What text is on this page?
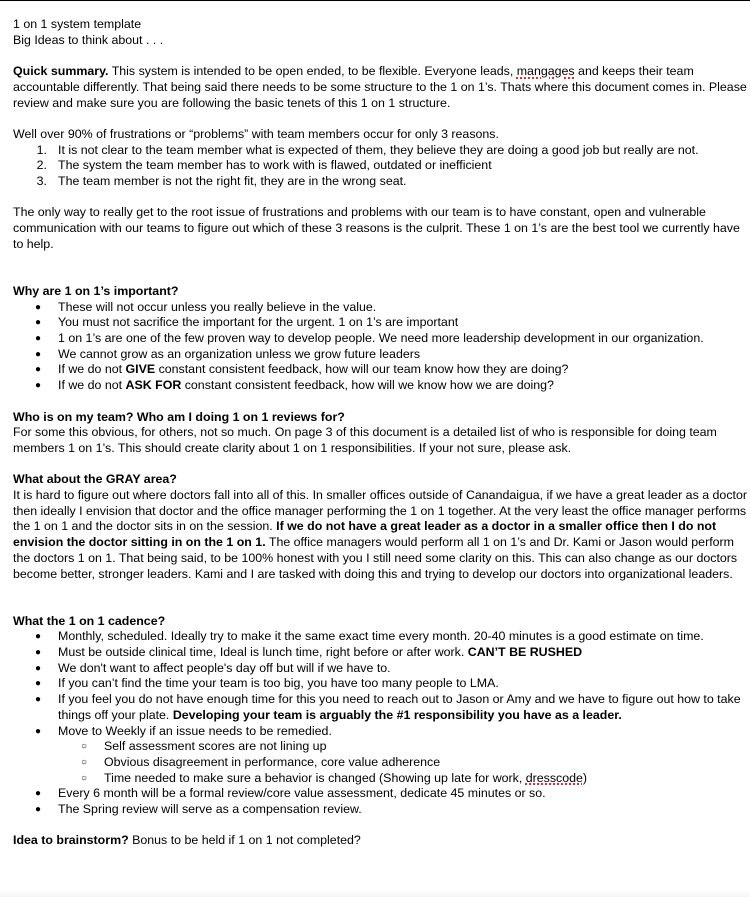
1 on 1 system template

Big Ideas to think about . . .

Quick summary. This system is intended to be open ended, to be flexible. Everyone leads, mangages and keeps their team accountable differently. That being said there needs to be some structure to the 1 on 1’s. Thats where this document comes in. Please review and make sure you are following the basic tenets of this 1 on 1 structure.

Well over 90% of frustrations or “problems” with team members occur for only 3 reasons.

1. It is not clear to the team member what is expected of them, they believe they are doing a good job but really are not.
2. The system the team member has to work with is flawed, outdated or inefficient
3. The team member is not the right fit, they are in the wrong seat.

The only way to really get to the root issue of frustrations and problems with our team is to have constant, open and vulnerable communication with our teams to figure out which of these 3 reasons is the culprit. These 1 on 1’s are the best tool we currently have to help.

Why are 1 on 1’s important?

● These will not occur unless you really believe in the value.
● You must not sacrifice the important for the urgent. 1 on 1’s are important
● 1 on 1’s are one of the few proven way to develop people. We need more leadership development in our organization.
● We cannot grow as an organization unless we grow future leaders
● If we do not GIVE constant consistent feedback, how will our team know how they are doing?
● If we do not ASK FOR constant consistent feedback, how will we know how we are doing?

Who is on my team? Who am I doing 1 on 1 reviews for?

For some this obvious, for others, not so much. On page 3 of this document is a detailed list of who is responsible for doing team members 1 on 1’s. This should create clarity about 1 on 1 responsibilities. If your not sure, please ask.

What about the GRAY area?

It is hard to figure out where doctors fall into all of this. In smaller offices outside of Canandaigua, if we have a great leader as a doctor then ideally I envision that doctor and the office manager performing the 1 on 1 together. At the very least the office manager performs the 1 on 1 and the doctor sits in on the session. If we do not have a great leader as a doctor in a smaller office then I do not envision the doctor sitting in on the 1 on 1. The office managers would perform all 1 on 1’s and Dr. Kami or Jason would perform the doctors 1 on 1. That being said, to be 100% honest with you I still need some clarity on this. This can also change as our doctors become better, stronger leaders. Kami and I are tasked with doing this and trying to develop our doctors into organizational leaders.

What the 1 on 1 cadence?

● Monthly, scheduled. Ideally try to make it the same exact time every month. 20-40 minutes is a good estimate on time.
● Must be outside clinical time, Ideal is lunch time, right before or after work. CAN’T BE RUSHED
● We don't want to affect people's day off but will if we have to.
● If you can’t find the time your team is too big, you have too many people to LMA.
● If you feel you do not have enough time for this you need to reach out to Jason or Amy and we have to figure out how to take things off your plate. Developing your team is arguably the #1 responsibility you have as a leader.
● Move to Weekly if an issue needs to be remedied.
○ Self assessment scores are not lining up
○ Obvious disagreement in performance, core value adherence
○ Time needed to make sure a behavior is changed (Showing up late for work, dresscode)
● Every 6 month will be a formal review/core value assessment, dedicate 45 minutes or so.
● The Spring review will serve as a compensation review.

Idea to brainstorm? Bonus to be held if 1 on 1 not completed?
